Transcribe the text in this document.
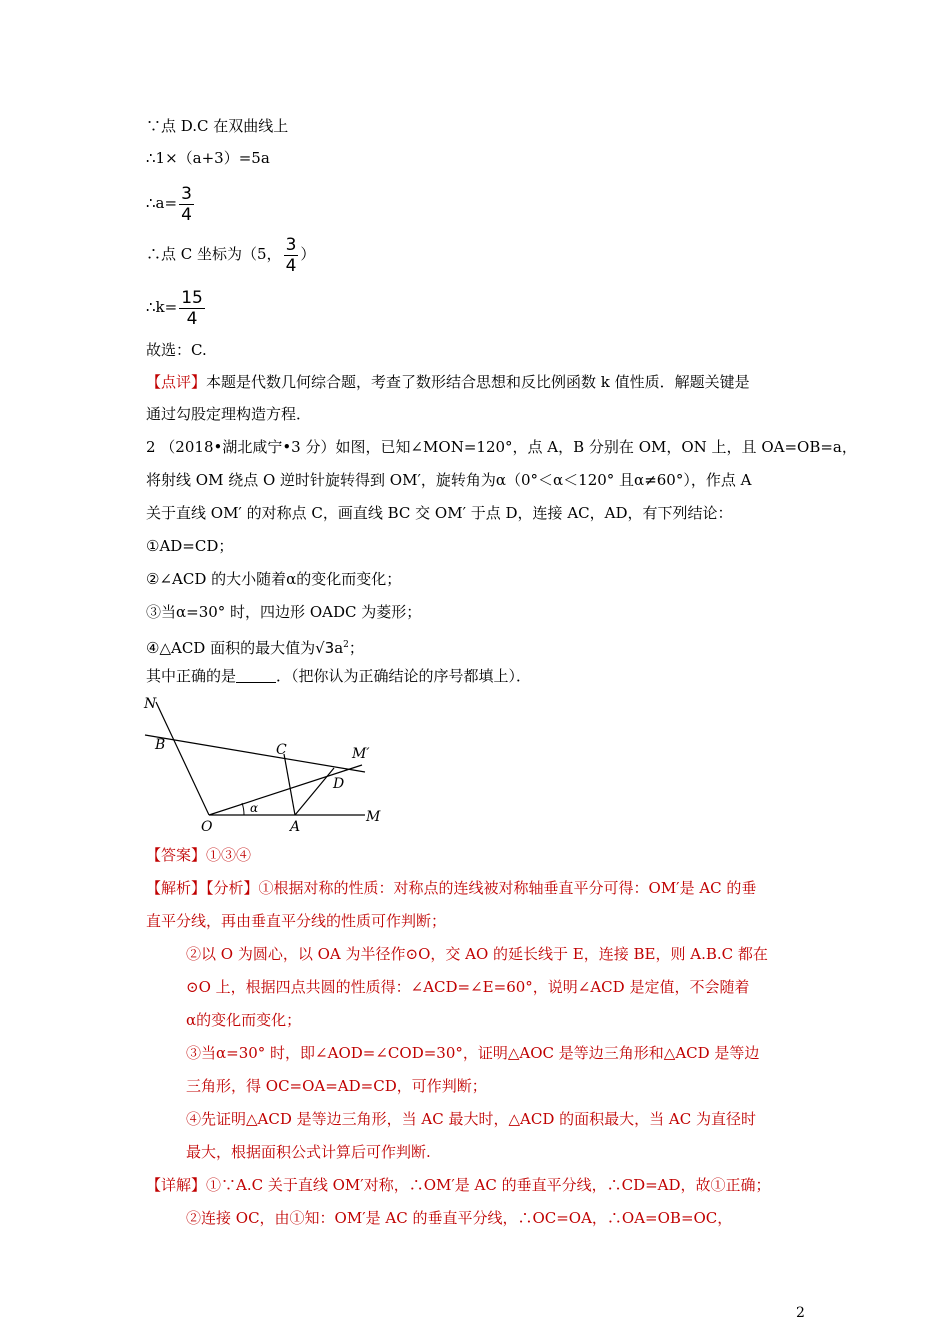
∵点 D.C 在双曲线上
∴1×（a+3）=5a
∴a= $\frac{3}{4}$
∴点 C 坐标为（5， $\frac{3}{4}$ ）
∴k= $\frac{15}{4}$
故选：C.
【点评】本题是代数几何综合题，考查了数形结合思想和反比例函数 k 值性质．解题关键是
通过勾股定理构造方程．
2 （2018•湖北咸宁•3 分）如图，已知∠MON=120°，点 A，B 分别在 OM，ON 上，且 OA=OB=a，
将射线 OM 绕点 O 逆时针旋转得到 OM′，旋转角为α（0°＜α＜120° 且α≠60°），作点 A
关于直线 OM′ 的对称点 C，画直线 BC 交 OM′ 于点 D，连接 AC，AD，有下列结论：
①AD=CD；
②∠ACD 的大小随着α的变化而变化；
③当α=30° 时，四边形 OADC 为菱形；
④△ACD 面积的最大值为$√3a^2$；
其中正确的是	．（把你认为正确结论的序号都填上）．
N
B	C	M′
D
α
O	A
M
【答案】①③④
【解析】【分析】①根据对称的性质：对称点的连线被对称轴垂直平分可得：OM′是 AC 的垂
直平分线，再由垂直平分线的性质可作判断；
②以 O 为圆心，以 OA 为半径作⊙O，交 AO 的延长线于 E，连接 BE，则 A.B.C 都在
⊙O 上，根据四点共圆的性质得：∠ACD=∠E=60°，说明∠ACD 是定值，不会随着
α的变化而变化；
③当α=30° 时，即∠AOD=∠COD=30°，证明△AOC 是等边三角形和△ACD 是等边
三角形，得 OC=OA=AD=CD，可作判断；
④先证明△ACD 是等边三角形，当 AC 最大时，△ACD 的面积最大，当 AC 为直径时
最大，根据面积公式计算后可作判断.
【详解】①∵A.C 关于直线 OM′对称，∴OM′是 AC 的垂直平分线，∴CD=AD，故①正确；
②连接 OC，由①知：OM′是 AC 的垂直平分线，∴OC=OA，∴OA=OB=OC，
2
